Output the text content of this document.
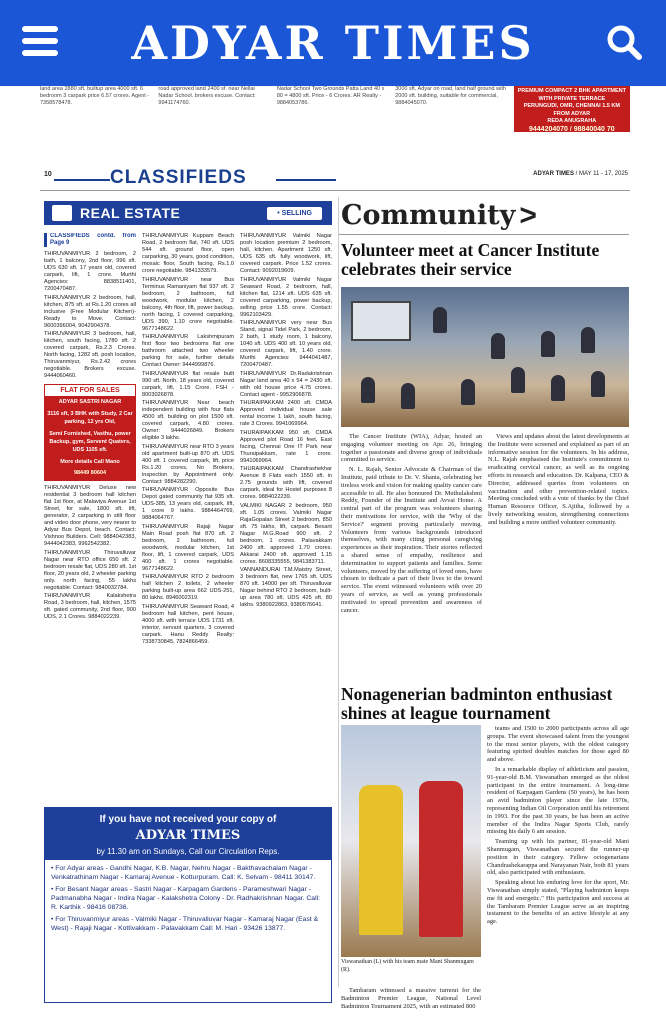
ADYAR TIMES
land area 2880 sft. builtup area 4000 sft. 6 bedroom 3 carpark price 6.57 crores. Agent - 7358578478.
road approved land 2400 sf. near Nellai Nadar School. brokers excuse. Contact: 9941174760.
Nadar School Two Grounds Patta Land 40 x 80 = 4800 sft. Price - 6 Crores. AR Realty - 9884053786.
3000 sft. Adyar on road, land half ground with 2000 sft. building, suitable for commercial, 9884045070.
PREMIUM COMPACT 2 BHK APARTMENT WITH PRIVATE TERRACE
PERUNGUDI, OMR, CHENNAI 1.5 KM FROM ADYAR
REDA ANUGRAHA
9444204070 / 98840040 70
10	CLASSIFIEDS	ADYAR TIMES / MAY 11 - 17, 2025
REAL ESTATE	• SELLING
CLASSIFIEDS contd. from Page 9

THIRUVANMIYUR 2 bedroom, 2 bath, 1 balcony, 2nd floor, 996 sft. UDS 630 sft. 17 years old, covered carpark, lift, 1 crore. Murthi Agencies: 8838511401, 7200470487.

THIRUVANMIYUR 2 bedroom, hall, kitchen, 875 sft. at Rs.1.20 crores all inclusive (Free Modular Kitchen)-Ready to Move. Contact: 9600396004, 9042904378.

THIRUVANMIYUR 3 bedroom, hall, kitchen, south facing, 1780 sft. 2 covered carpark, Rs.2.3 Crores. North facing, 1282 sft. posh location, Thiruvanmiyur, Rs.2.42 crores negotiable. Brokers excuse. 9444060460.

FLAT FOR SALES
ADYAR SASTRI NAGAR
3116 sft, 3 BHK with Study, 2 Car parking, 12 yrs Old,
Semi Furnished, Vasthu, power Backup, gym, Servent Quaters, UDS 1105 sft.
More details Call Mano
98449 80604

THIRUVANMIYUR Deluxe new residential 3 bedroom hall kitchen flat 1st floor, at Malaviya Avenue 1st Street, for sale, 1800 sft. lift, generator, 2 carparking in stilt floor and video door phone, very nearer to Adyar Bus Depot, beach. Contact: Vishnoo Builders. Cell: 9884042383, 9444042383, 9962542382.

THIRUVANMIYUR Thiruvalluvar Nagar near RTO office 650 sft. 2 bedroom resale flat, UDS 280 sft. 1st floor, 20 years old, 2 wheeler parking only. north facing, 55 lakhs negotiable. Contact: 9840032784.

THIRUVANMIYUR Kalakshetra Road, 3 bedroom, hall, kitchen, 1575 sft. gated community, 2nd floor, 900 UDS, 2.1 Crores. 9884022239.

THIRUVANMIYUR Kuppam Beach Road, 2 bedroom flat, 740 sft. UDS 544 sft. ground floor, open carparking, 30 years, good condition, mosaic floor, South facing, Rs.1.0 crore negotiable. 9841333579.

THIRUVANMIYUR near Bus Terminus Ramaniyam flat 937 sft. 2 bedroom, 2 bathroom, full woodwork, modular kitchen, 2 balcony, 4th floor, lift, power backup, north facing, 1 covered carparking, UDS 390, 1.10 crore negotiable. 9677148622.

THIRUVANMIYUR Lakshmipuram first floor two bedrooms flat one bathroom attached two wheeler parking for sale, further details Contact Owner: 9444999876.

THIRUVANMIYUR flat resale built 990 sft. North, 18 years old, covered carpark, lift, 1.15 Crore. FSH - 8003026878.

THIRUVANMIYUR Near beach independent building with four flats 4500 sft. building on plot 1500 sft. covered carpark, 4.80 crores. Owner: 9444026849. Brokers eligible 3 lakhs.

THIRUVANMIYUR near RTO 3 years old apartment built-up 870 sft. UDS 400 sft. 1 covered carpark, lift, price Rs.1.20 crores, No Brokers, inspection by Appointment only. Contact: 9884282290.

THIRUVANMIYUR Opposite Bus Depot gated community flat 935 sft. UDS-385, 13 years old, carpark, lift, 1 crore 9 lakhs. 9884464769, 9884064767.

THIRUVANMIYUR Rajaji Nagar Main Road posh flat 870 sft. 2 bedroom, 2 bathroom, full woodwork, modular kitchen, 1st floor, lift, 1 covered carpark, UDS 400 sft. 1 crores negotiable. 9677148622.

THIRUVANMIYUR RTO 2 bedroom hall kitchen 2 toilets, 2 wheeler parking built-up area 662 UDS-251, 80 lakhs. 8946002319.

THIRUVANMIYUR Seaward Road, 4 bedroom hall kitchen, pent house, 4000 sft. with terrace UDS 1731 sft. interior, servant quarters, 3 covered carpark. Hanu Reddy Realty: 7338730845, 7824866459.

THIRUVANMIYUR Valmiki Nagar posh location premium 2 bedroom, hall, kitchen. Apartment 1250 sft. UDS 635 sft. fully woodwork, lift, covered carpark. Price 1.52 crores. Contact: 9092019609.

THIRUVANMIYUR Valmiki Nagar Seaward Road, 2 bedroom, hall, kitchen flat, 1214 sft. UDS 635 sft. covered carparking, power backup, selling price 1.55 crore. Contact: 9962103429.

THIRUVANMIYUR very near Bus Stand, signal Tidel Park, 2 bedroom, 2 bath, 1 study room, 1 balcony, 1040 sft. UDS 400 sft. 10 years old, covered carpark, lift, 1.40 crore. Murthi Agencies: 9444041487, 7200470487.

THIRUVANMIYUR Dr.Radakrishnan Nagar land area 40 x 54 = 2430 sft. with old house price 4.75 crores. Contact agent - 9952906878.

THURAIPAKKAM 2400 sft. CMDA Approved individual house sale rental income 1 lakh, south facing, rate 3 Crores. 9941069964.

THURAIPAKKAM 950 sft. CMDA Approved plot Road 16 feet, East facing, Chennai One IT Park near Thuraipakkam, rate 1 crore. 9941069964.

THURAIPAKKAM Chandrashekhar Avenue 8 Flats each 1550 sft. in 2.75 grounds with lift, covered carpark, ideal for Hostel purposes 8 crores. 9884022239.

VALMIKI NAGAR 2 bedroom, 950 sft. 1.05 crores. Valmiki Nagar RajaGopalan Street 2 bedroom, 850 sft. 75 lakhs, lift, carpark. Besant Nagar M.G.Road 900 sft. 2 bedroom, 1 crores. Palavakkam 2400 sft. approved 1.70 crores. Akkarai 2400 sft. approved 1.15 crores. 8608335555, 9841383711.

VANNANDURAI T.M.Maistry Street, 3 bedroom flat, new 1765 sft. UDS 870 sft. 14000 per sft. Thiruvalluvar Nagar behind RTO 2 bedroom, built-up area 780 sft. UDS 425 sft. 80 lakhs. 9380922863, 9380576641.

If you have not received your copy of
ADYAR TIMES
by 11.30 am on Sundays, Call our Circulation Reps.

• For Adyar areas - Gandhi Nagar, K.B. Nagar, Nehru Nagar - Bakthavachalam Nagar - Venkatrathinam Nagar - Kamaraj Avenue - Kotturpuram. Call: K. Selvam - 98411 30147.

• For Besant Nagar areas - Sastri Nagar - Karpagam Gardens - Parameshwari Nagar - Padmanabha Nagar - Indira Nagar - Kalakshetra Colony - Dr. Radhakrishnan Nagar. Call: R. Karthik - 98416 08736.

• For Thiruvanmiyur areas - Valmiki Nagar - Thiruvalluvar Nagar - Kamaraj Nagar (East & West) - Rajaji Nagar - Kottivakkam - Palavakkam Call: M. Hari - 93426 13877.

Community >
Volunteer meet at Cancer Institute celebrates their service

The Cancer Institute (WIA), Adyar, hosted an engaging volunteer meeting on Apr. 26, bringing together a passionate and diverse group of individuals committed to service.

N. L. Rajah, Senior Advocate & Chairman of the Institute, paid tribute to Dr. V. Shanta, celebrating her tireless work and vision for making quality cancer care accessible to all. He also honoured Dr. Muthulakshmi Reddy, Founder of the Institute and Avvai Home. A central part of the program was volunteers sharing their motivations for service, with the 'Why of the Service?' segment proving particularly moving. Volunteers from various backgrounds introduced themselves, with many citing personal caregiving experiences as their inspiration. Their stories reflected a shared sense of empathy, resilience and determination to support patients and families. Some volunteers, moved by the suffering of loved ones, have chosen to dedicate a part of their lives to the toward service. The event witnessed volunteers with over 20 years of service, as well as young professionals motivated to spread prevention and awareness of cancer.

Views and updates about the latest developments at the Institute were screened and explained as part of an informative session for the volunteers. In his address, N.L. Rajah emphasised the Institute's commitment to eradicating cervical cancer, as well as its ongoing efforts in research and education. Dr. Kalpana, CEO & Director, addressed queries from volunteers on vaccination and other prevention-related topics. Meeting concluded with a vote of thanks by the Chief Human Resource Officer, S.Ajitha, followed by a lively networking session, strengthening connections and building a more unified volunteer community.

Nonagenerian badminton enthusiast shines at league tournament
Viswanathan (L) with his team mate Mani Shanmugam (R).

Tambaram witnessed a massive turnout for the Badminton Premier League, National Level Badminton Tournament 2025, with an estimated 800

teams and 1500 to 2000 participants across all age groups. The event showcased talent from the youngest to the most senior players, with the oldest category featuring spirited doubles matches for those aged 80 and above.

In a remarkable display of athleticism and passion, 91-year-old B.M. Viswanathan emerged as the oldest participant in the entire tournament. A long-time resident of Karpagam Gardens (50 years), he has been an avid badminton player since the late 1970s, representing Indian Oil Corporation until his retirement in 1993. For the past 30 years, he has been an active member of the Indira Nagar Sports Club, rarely missing his daily 6 am session.

Teaming up with his partner, 81-year-old Mani Shanmugam, Viswanathan secured the runner-up position in their category. Fellow octogenarians Chandrashekarappa and Narayanan Nair, both 81 years old, also participated with enthusiasm.

Speaking about his enduring love for the sport, Mr. Viswanathan simply stated, "Playing badminton keeps me fit and energetic." His participation and success at the Tambaram Premier League serve as an inspiring testament to the benefits of an active lifestyle at any age.
